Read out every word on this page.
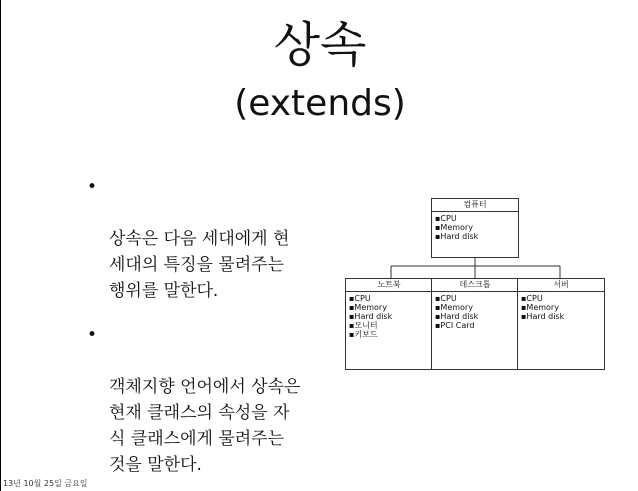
상속
(extends)

•

상속은 다음 세대에게 현
세대의 특징을 물려주는
행위를 말한다.

•

객체지향 언어에서 상속은
현재 클래스의 속성을 자
식 클래스에게 물려주는
것을 말한다.

컴퓨터
▪CPU
▪Memory
▪Hard disk
노트북
▪CPU
▪Memory
▪Hard disk
▪모니터
▪키보드
데스크톱
▪CPU
▪Memory
▪Hard disk
▪PCI Card
서버
▪CPU
▪Memory
▪Hard disk
13년 10월 25일 금요일
